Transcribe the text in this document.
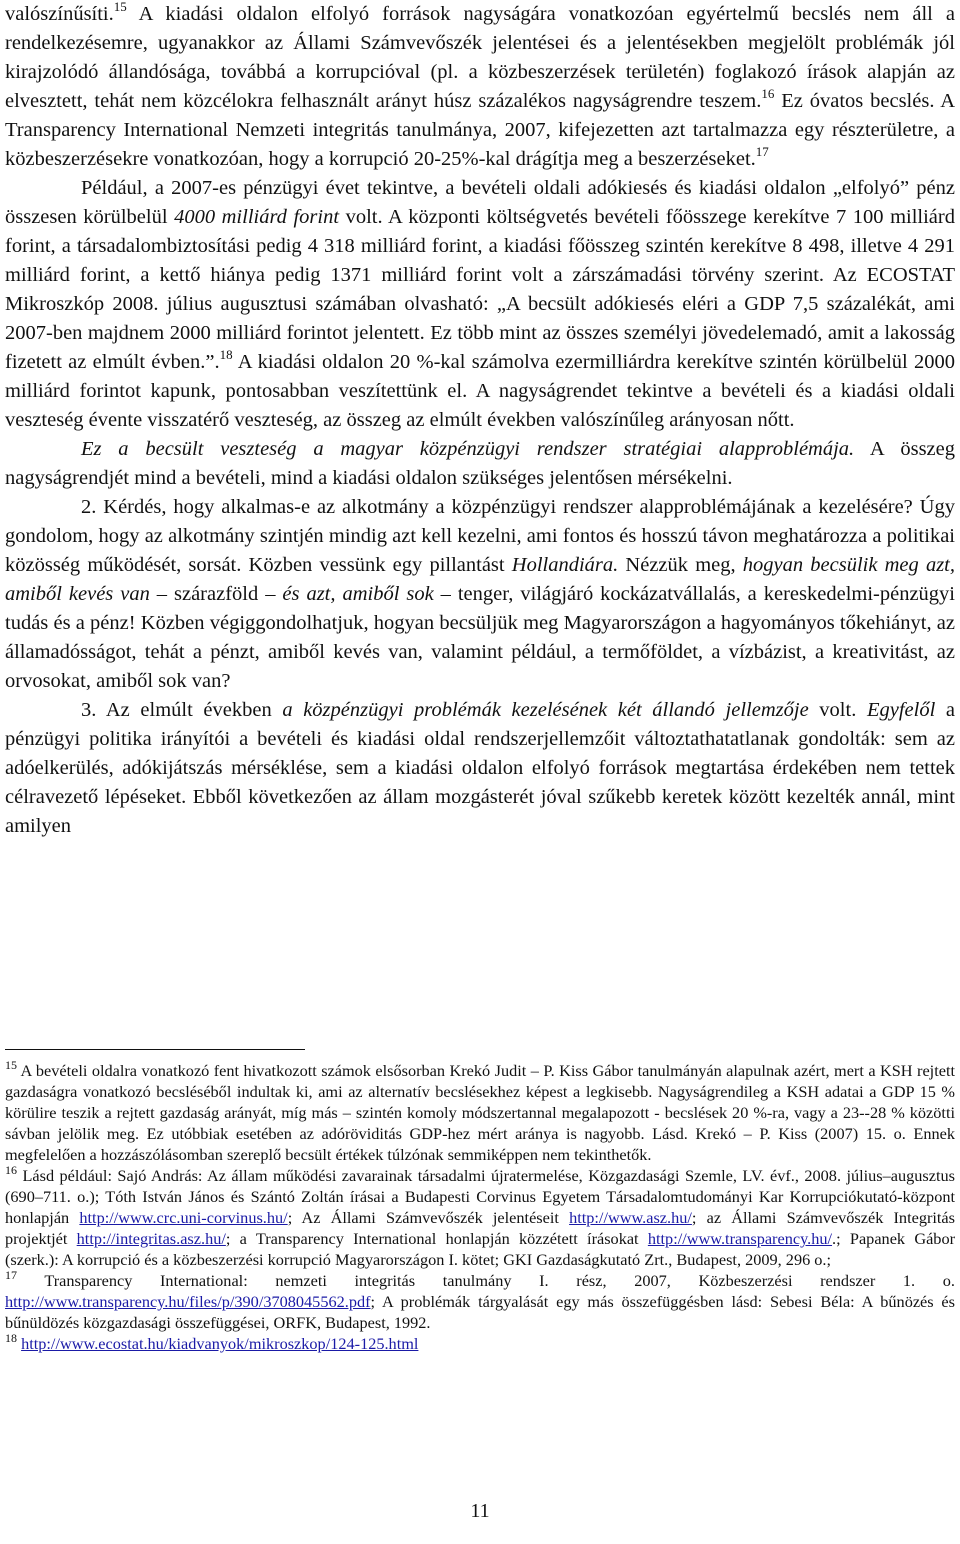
valószínűsíti.$^{15}$ A kiadási oldalon elfolyó források nagyságára vonatkozóan egyértelmű becslés nem áll a rendelkezésemre, ugyanakkor az Állami Számvevőszék jelentései és a jelentésekben megjelölt problémák jól kirajzolódó állandósága, továbbá a korrupcióval (pl. a közbeszerzések területén) foglakozó írások alapján az elvesztett, tehát nem közcélokra felhasznált arányt húsz százalékos nagyságrendre teszem.$^{16}$ Ez óvatos becslés. A Transparency International Nemzeti integritás tanulmánya, 2007, kifejezetten azt tartalmazza egy részterületre, a közbeszerzésekre vonatkozóan, hogy a korrupció 20-25%-kal drágítja meg a beszerzéseket.$^{17}$

Például, a 2007-es pénzügyi évet tekintve, a bevételi oldali adókiesés és kiadási oldalon „elfolyó” pénz összesen körülbelül 4000 milliárd forint volt. A központi költségvetés bevételi főösszege kerekítve 7 100 milliárd forint, a társadalombiztosítási pedig 4 318 milliárd forint, a kiadási főösszeg szintén kerekítve 8 498, illetve 4 291 milliárd forint, a kettő hiánya pedig 1371 milliárd forint volt a zárszámadási törvény szerint. Az ECOSTAT Mikroszkóp 2008. július augusztusi számában olvasható: „A becsült adókiesés eléri a GDP 7,5 százalékát, ami 2007-ben majdnem 2000 milliárd forintot jelentett. Ez több mint az összes személyi jövedelemadó, amit a lakosság fizetett az elmúlt évben.”.$^{18}$ A kiadási oldalon 20 %-kal számolva ezermilliárdra kerekítve szintén körülbelül 2000 milliárd forintot kapunk, pontosabban veszítettünk el. A nagyságrendet tekintve a bevételi és a kiadási oldali veszteség évente visszatérő veszteség, az összeg az elmúlt években valószínűleg arányosan nőtt.

Ez a becsült veszteség a magyar közpénzügyi rendszer stratégiai alapproblémája. A összeg nagyságrendjét mind a bevételi, mind a kiadási oldalon szükséges jelentősen mérsékelni.

2. Kérdés, hogy alkalmas-e az alkotmány a közpénzügyi rendszer alapproblémájának a kezelésére? Úgy gondolom, hogy az alkotmány szintjén mindig azt kell kezelni, ami fontos és hosszú távon meghatározza a politikai közösség működését, sorsát. Közben vessünk egy pillantást Hollandiára. Nézzük meg, hogyan becsülik meg azt, amiből kevés van – szárazföld – és azt, amiből sok – tenger, világjáró kockázatvállalás, a kereskedelmi-pénzügyi tudás és a pénz! Közben végiggondolhatjuk, hogyan becsüljük meg Magyarországon a hagyományos tőkehiányt, az államadósságot, tehát a pénzt, amiből kevés van, valamint például, a termőföldet, a vízbázist, a kreativitást, az orvosokat, amiből sok van?

3. Az elmúlt években a közpénzügyi problémák kezelésének két állandó jellemzője volt. Egyfelől a pénzügyi politika irányítói a bevételi és kiadási oldal rendszerjellemzőit változtathatatlanak gondolták: sem az adóelkerülés, adókijátszás mérséklése, sem a kiadási oldalon elfolyó források megtartása érdekében nem tettek célravezető lépéseket. Ebből következően az állam mozgásterét jóval szűkebb keretek között kezelték annál, mint amilyen

$^{15}$ A bevételi oldalra vonatkozó fent hivatkozott számok elsősorban Krekó Judit – P. Kiss Gábor tanulmányán alapulnak azért, mert a KSH rejtett gazdaságra vonatkozó becsléséből indultak ki, ami az alternatív becslésekhez képest a legkisebb. Nagyságrendileg a KSH adatai a GDP 15 % körülire teszik a rejtett gazdaság arányát, míg más – szintén komoly módszertannal megalapozott - becslések 20 %-ra, vagy a 23--28 % közötti sávban jelölik meg. Ez utóbbiak esetében az adóröviditás GDP-hez mért aránya is nagyobb. Lásd. Krekó – P. Kiss (2007) 15. o. Ennek megfelelően a hozzászólásomban szereplő becsült értékek túlzónak semmiképpen nem tekinthetők.

$^{16}$ Lásd például: Sajó András: Az állam működési zavarainak társadalmi újratermelése, Közgazdasági Szemle, LV. évf., 2008. július–augusztus (690–711. o.); Tóth István János és Szántó Zoltán írásai a Budapesti Corvinus Egyetem Társadalomtudományi Kar Korrupciókutató-központ honlapján http://www.crc.uni-corvinus.hu/; Az Állami Számvevőszék jelentéseit http://www.asz.hu/; az Állami Számvevőszék Integritás projektjét http://integritas.asz.hu/; a Transparency International honlapján közzétett írásokat http://www.transparency.hu/.; Papanek Gábor (szerk.): A korrupció és a közbeszerzési korrupció Magyarországon I. kötet; GKI Gazdaságkutató Zrt., Budapest, 2009, 296 o.;

$^{17}$ Transparency International: nemzeti integritás tanulmány I. rész, 2007, Közbeszerzési rendszer 1. o. http://www.transparency.hu/files/p/390/3708045562.pdf; A problémák tárgyalását egy más összefüggésben lásd: Sebesi Béla: A bűnözés és bűnüldözés közgazdasági összefüggései, ORFK, Budapest, 1992.

$^{18}$ http://www.ecostat.hu/kiadvanyok/mikroszkop/124-125.html

11
